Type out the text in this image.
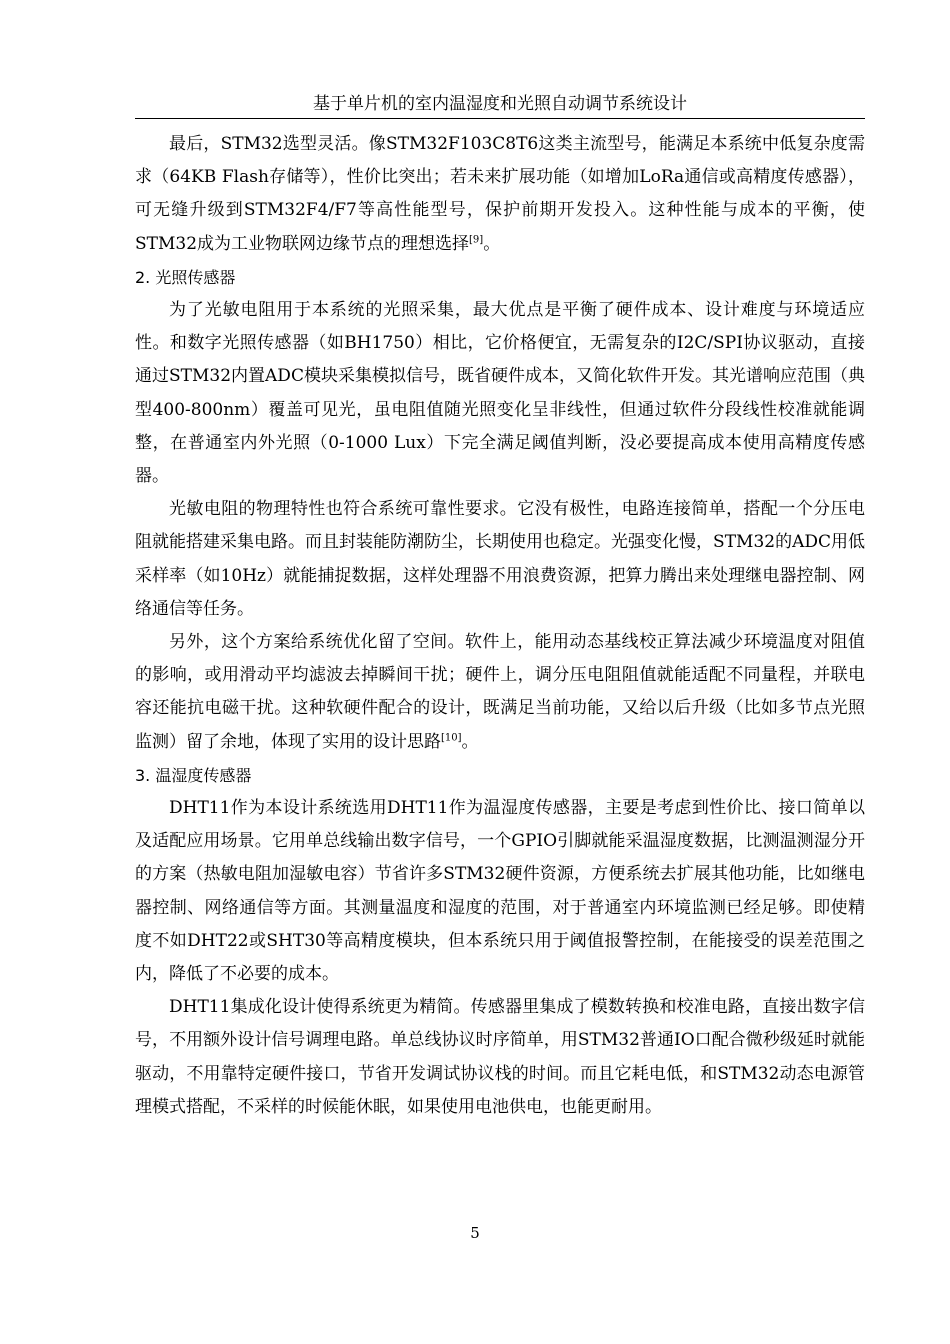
基于单片机的室内温湿度和光照自动调节系统设计

最后，STM32选型灵活。像STM32F103C8T6这类主流型号，能满足本系统中低复杂度需求（64KB Flash存储等），性价比突出；若未来扩展功能（如增加LoRa通信或高精度传感器），可无缝升级到STM32F4/F7等高性能型号，保护前期开发投入。这种性能与成本的平衡，使STM32成为工业物联网边缘节点的理想选择[9]。

2. 光照传感器

为了光敏电阻用于本系统的光照采集，最大优点是平衡了硬件成本、设计难度与环境适应性。和数字光照传感器（如BH1750）相比，它价格便宜，无需复杂的I2C/SPI协议驱动，直接通过STM32内置ADC模块采集模拟信号，既省硬件成本，又简化软件开发。其光谱响应范围（典型400-800nm）覆盖可见光，虽电阻值随光照变化呈非线性，但通过软件分段线性校准就能调整，在普通室内外光照（0-1000 Lux）下完全满足阈值判断，没必要提高成本使用高精度传感器。

光敏电阻的物理特性也符合系统可靠性要求。它没有极性，电路连接简单，搭配一个分压电阻就能搭建采集电路。而且封装能防潮防尘，长期使用也稳定。光强变化慢，STM32的ADC用低采样率（如10Hz）就能捕捉数据，这样处理器不用浪费资源，把算力腾出来处理继电器控制、网络通信等任务。

另外，这个方案给系统优化留了空间。软件上，能用动态基线校正算法减少环境温度对阻值的影响，或用滑动平均滤波去掉瞬间干扰；硬件上，调分压电阻阻值就能适配不同量程，并联电容还能抗电磁干扰。这种软硬件配合的设计，既满足当前功能，又给以后升级（比如多节点光照监测）留了余地，体现了实用的设计思路[10]。

3. 温湿度传感器

DHT11作为本设计系统选用DHT11作为温湿度传感器，主要是考虑到性价比、接口简单以及适配应用场景。它用单总线输出数字信号，一个GPIO引脚就能采温湿度数据，比测温测湿分开的方案（热敏电阻加湿敏电容）节省许多STM32硬件资源，方便系统去扩展其他功能，比如继电器控制、网络通信等方面。其测量温度和湿度的范围，对于普通室内环境监测已经足够。即使精度不如DHT22或SHT30等高精度模块，但本系统只用于阈值报警控制，在能接受的误差范围之内，降低了不必要的成本。

DHT11集成化设计使得系统更为精简。传感器里集成了模数转换和校准电路，直接出数字信号，不用额外设计信号调理电路。单总线协议时序简单，用STM32普通IO口配合微秒级延时就能驱动，不用靠特定硬件接口，节省开发调试协议栈的时间。而且它耗电低，和STM32动态电源管理模式搭配，不采样的时候能休眠，如果使用电池供电，也能更耐用。

5
